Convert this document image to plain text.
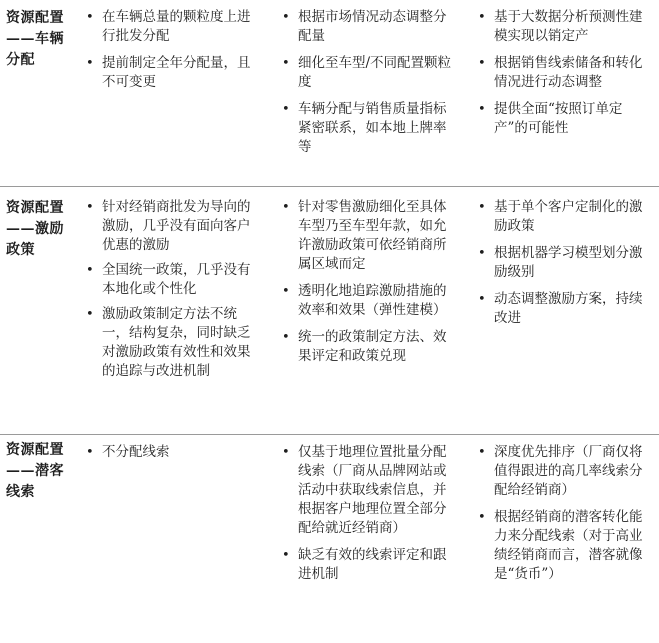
资源配置——车辆分配
• 在车辆总量的颗粒度上进行批发分配
• 提前制定全年分配量，且不可变更
• 根据市场情况动态调整分配量
• 细化至车型/不同配置颗粒度
• 车辆分配与销售质量指标紧密联系，如本地上牌率等
• 基于大数据分析预测性建模实现以销定产
• 根据销售线索储备和转化情况进行动态调整
• 提供全面“按照订单定产”的可能性
资源配置——激励政策
• 针对经销商批发为导向的激励，几乎没有面向客户优惠的激励
• 全国统一政策，几乎没有本地化或个性化
• 激励政策制定方法不统一，结构复杂，同时缺乏对激励政策有效性和效果的追踪与改进机制
• 针对零售激励细化至具体车型乃至车型年款，如允许激励政策可依经销商所属区域而定
• 透明化地追踪激励措施的效率和效果（弹性建模）
• 统一的政策制定方法、效果评定和政策兑现
• 基于单个客户定制化的激励政策
• 根据机器学习模型划分激励级别
• 动态调整激励方案，持续改进
资源配置——潜客线索
• 不分配线索	• 仅基于地理位置批量分配线索（厂商从品牌网站或活动中获取线索信息，并根据客户地理位置全部分配给就近经销商）
• 缺乏有效的线索评定和跟进机制
• 深度优先排序（厂商仅将值得跟进的高几率线索分配给经销商）
• 根据经销商的潜客转化能力来分配线索（对于高业绩经销商而言，潜客就像是“货币”）
